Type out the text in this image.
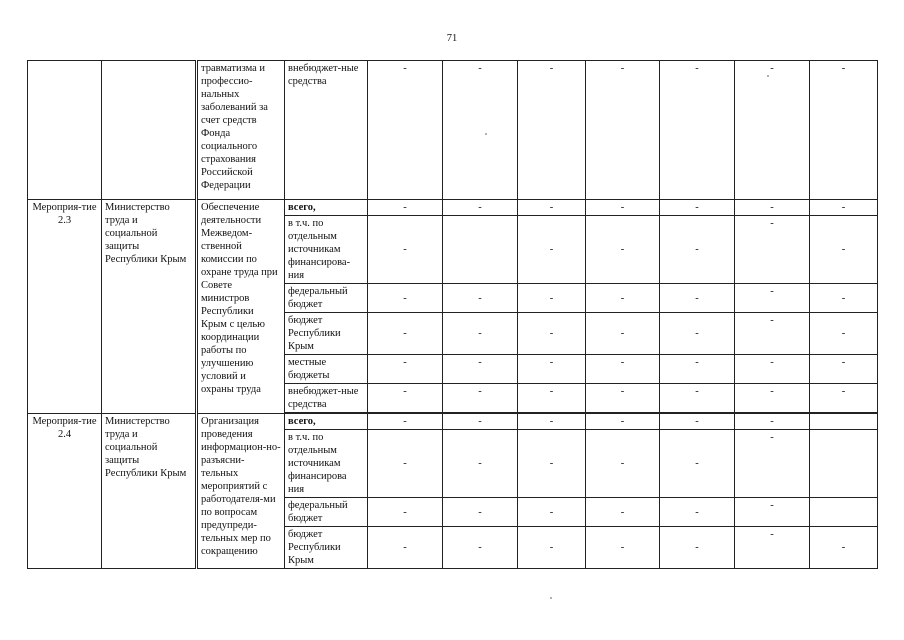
71
		травматизма и профессио-нальных заболеваний за счет средств Фонда социального страхования Российской Федерации	внебюджет-ные средства	-	-	-	-	-	-	-

Мероприя-тие 2.3	Министерство труда и социальной защиты Республики Крым	Обеспечение деятельности Межведом-ственной комиссии по охране труда при Совете министров Республики Крым с целью координации работы по улучшению условий и охраны труда	всего,	-	-	-	-	-	-	-

			в т.ч. по отдельным источникам финансирова-ния	-		-	-	-	-	-

			федеральный бюджет	-	-	-	-	-	-	-

			бюджет Республики Крым	-	-	-	-	-	-	-

			местные бюджеты	-	-	-	-	-	-	-

			внебюджет-ные средства	-	-	-	-	-	-	-

Мероприя-тие 2.4	Министерство труда и социальной защиты Республики Крым	Организация проведения информацион-но-разъясни-тельных мероприятий с работодателя-ми по вопросам предупреди-тельных мер по сокращению	всего,	-	-	-	-	-	-	

			в т.ч. по отдельным источникам финансирова ния	-	-	-	-	-	-	

			федеральный бюджет	-	-	-	-	-	-	

			бюджет Республики Крым	-	-	-	-	-	-	-
